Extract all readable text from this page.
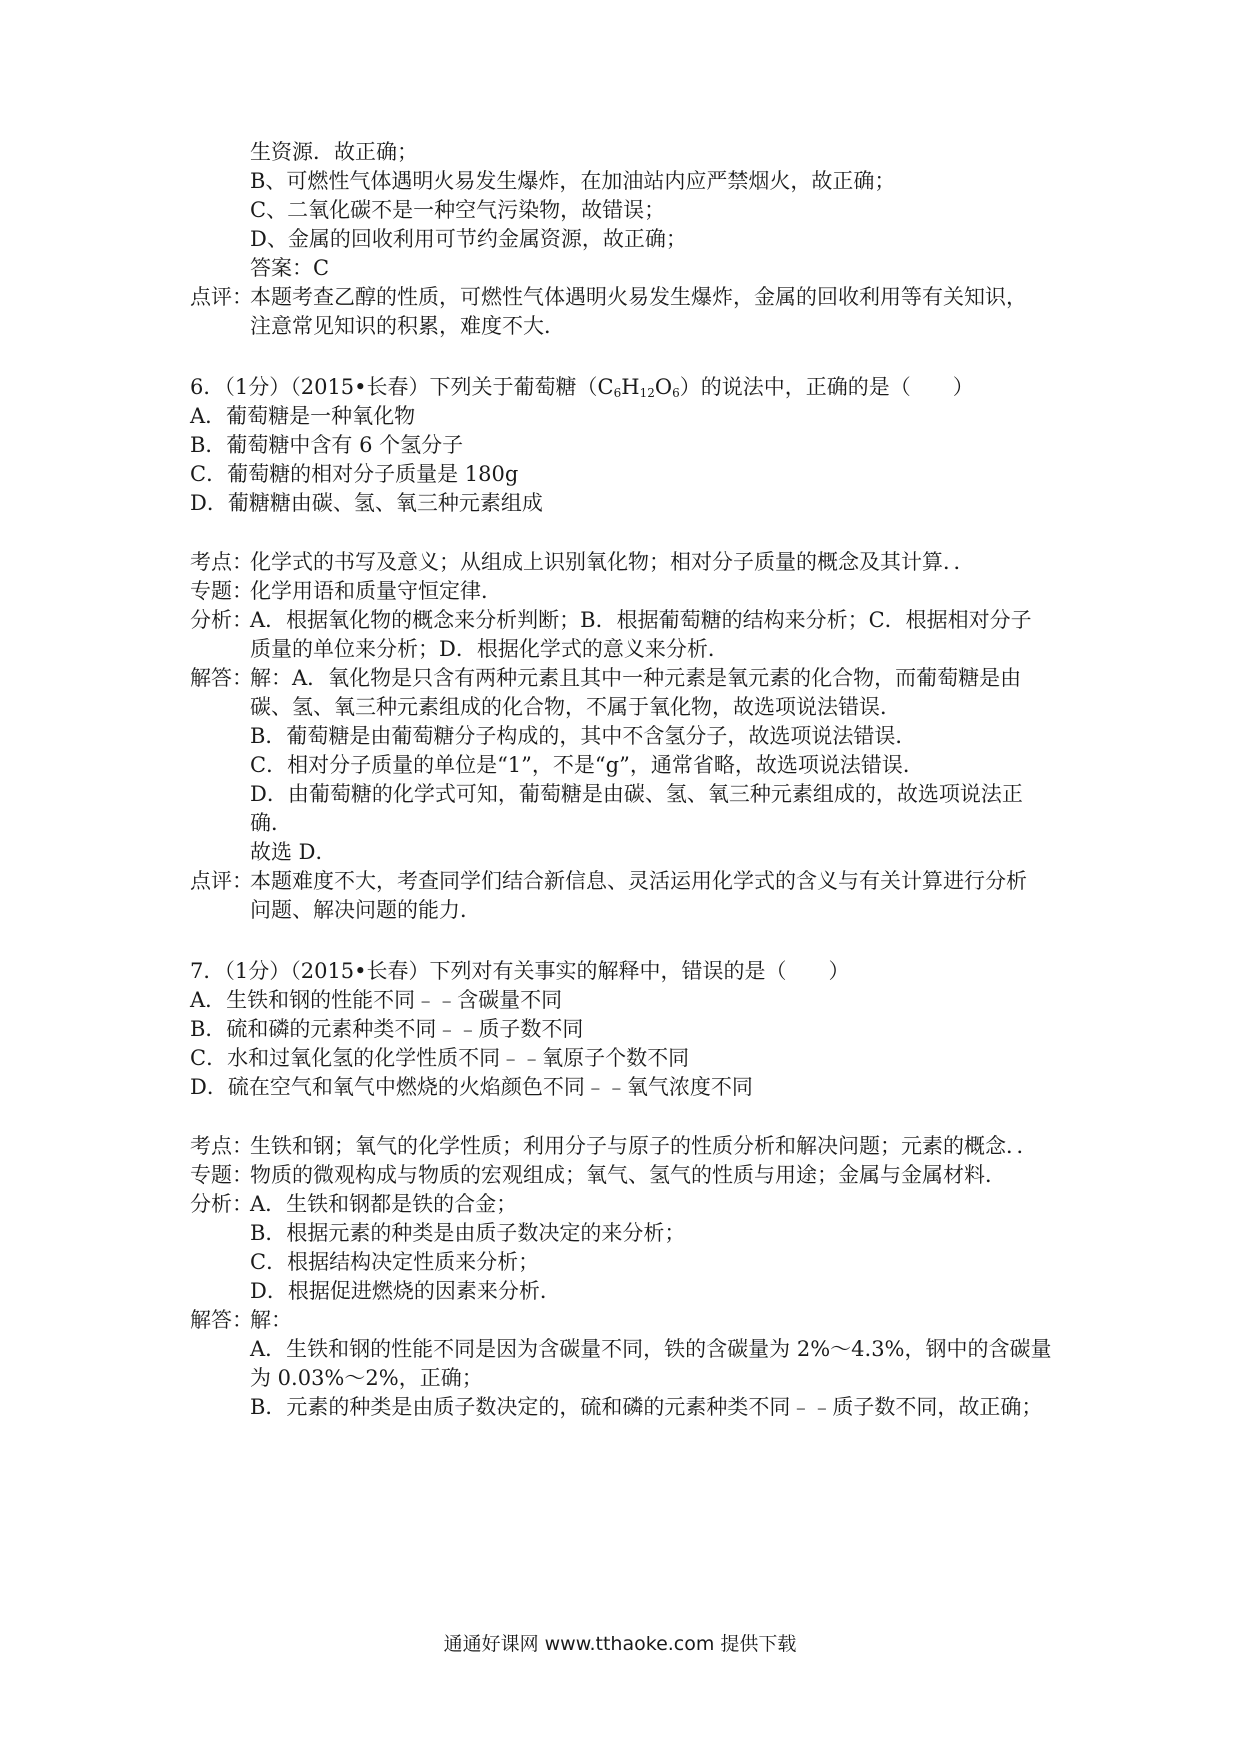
生资源．故正确；
B、可燃性气体遇明火易发生爆炸，在加油站内应严禁烟火，故正确；
C、二氧化碳不是一种空气污染物，故错误；
D、金属的回收利用可节约金属资源，故正确；
答案：C
点评：本题考查乙醇的性质，可燃性气体遇明火易发生爆炸，金属的回收利用等有关知识，
注意常见知识的积累，难度不大．
6．（1分）（2015•长春）下列关于葡萄糖$(C_6H_{12}O_6)$的说法中，正确的是（　　）
A．葡萄糖是一种氧化物
B．葡萄糖中含有 6 个氢分子
C．葡萄糖的相对分子质量是 180g
D．葡糖糖由碳、氢、氧三种元素组成
考点：化学式的书写及意义；从组成上识别氧化物；相对分子质量的概念及其计算．．
专题：化学用语和质量守恒定律．
分析：A．根据氧化物的概念来分析判断；B．根据葡萄糖的结构来分析；C．根据相对分子
质量的单位来分析；D．根据化学式的意义来分析．
解答：解：A．氧化物是只含有两种元素且其中一种元素是氧元素的化合物，而葡萄糖是由
碳、氢、氧三种元素组成的化合物，不属于氧化物，故选项说法错误．
B．葡萄糖是由葡萄糖分子构成的，其中不含氢分子，故选项说法错误．
C．相对分子质量的单位是“1”，不是“g”，通常省略，故选项说法错误．
D．由葡萄糖的化学式可知，葡萄糖是由碳、氢、氧三种元素组成的，故选项说法正
确．
故选 D．
点评：本题难度不大，考查同学们结合新信息、灵活运用化学式的含义与有关计算进行分析
问题、解决问题的能力．
7．（1分）（2015•长春）下列对有关事实的解释中，错误的是（　　）
A．生铁和钢的性能不同﹣﹣含碳量不同
B．硫和磷的元素种类不同﹣﹣质子数不同
C．水和过氧化氢的化学性质不同﹣﹣氧原子个数不同
D．硫在空气和氧气中燃烧的火焰颜色不同﹣﹣氧气浓度不同
考点：生铁和钢；氧气的化学性质；利用分子与原子的性质分析和解决问题；元素的概念．．
专题：物质的微观构成与物质的宏观组成；氧气、氢气的性质与用途；金属与金属材料．
分析：A．生铁和钢都是铁的合金；
B．根据元素的种类是由质子数决定的来分析；
C．根据结构决定性质来分析；
D．根据促进燃烧的因素来分析．
解答：解：
A．生铁和钢的性能不同是因为含碳量不同，铁的含碳量为 2%～4.3%，钢中的含碳量
为 0.03%～2%，正确；
B．元素的种类是由质子数决定的，硫和磷的元素种类不同﹣﹣质子数不同，故正确；
通通好课网 www.tthaoke.com 提供下载
